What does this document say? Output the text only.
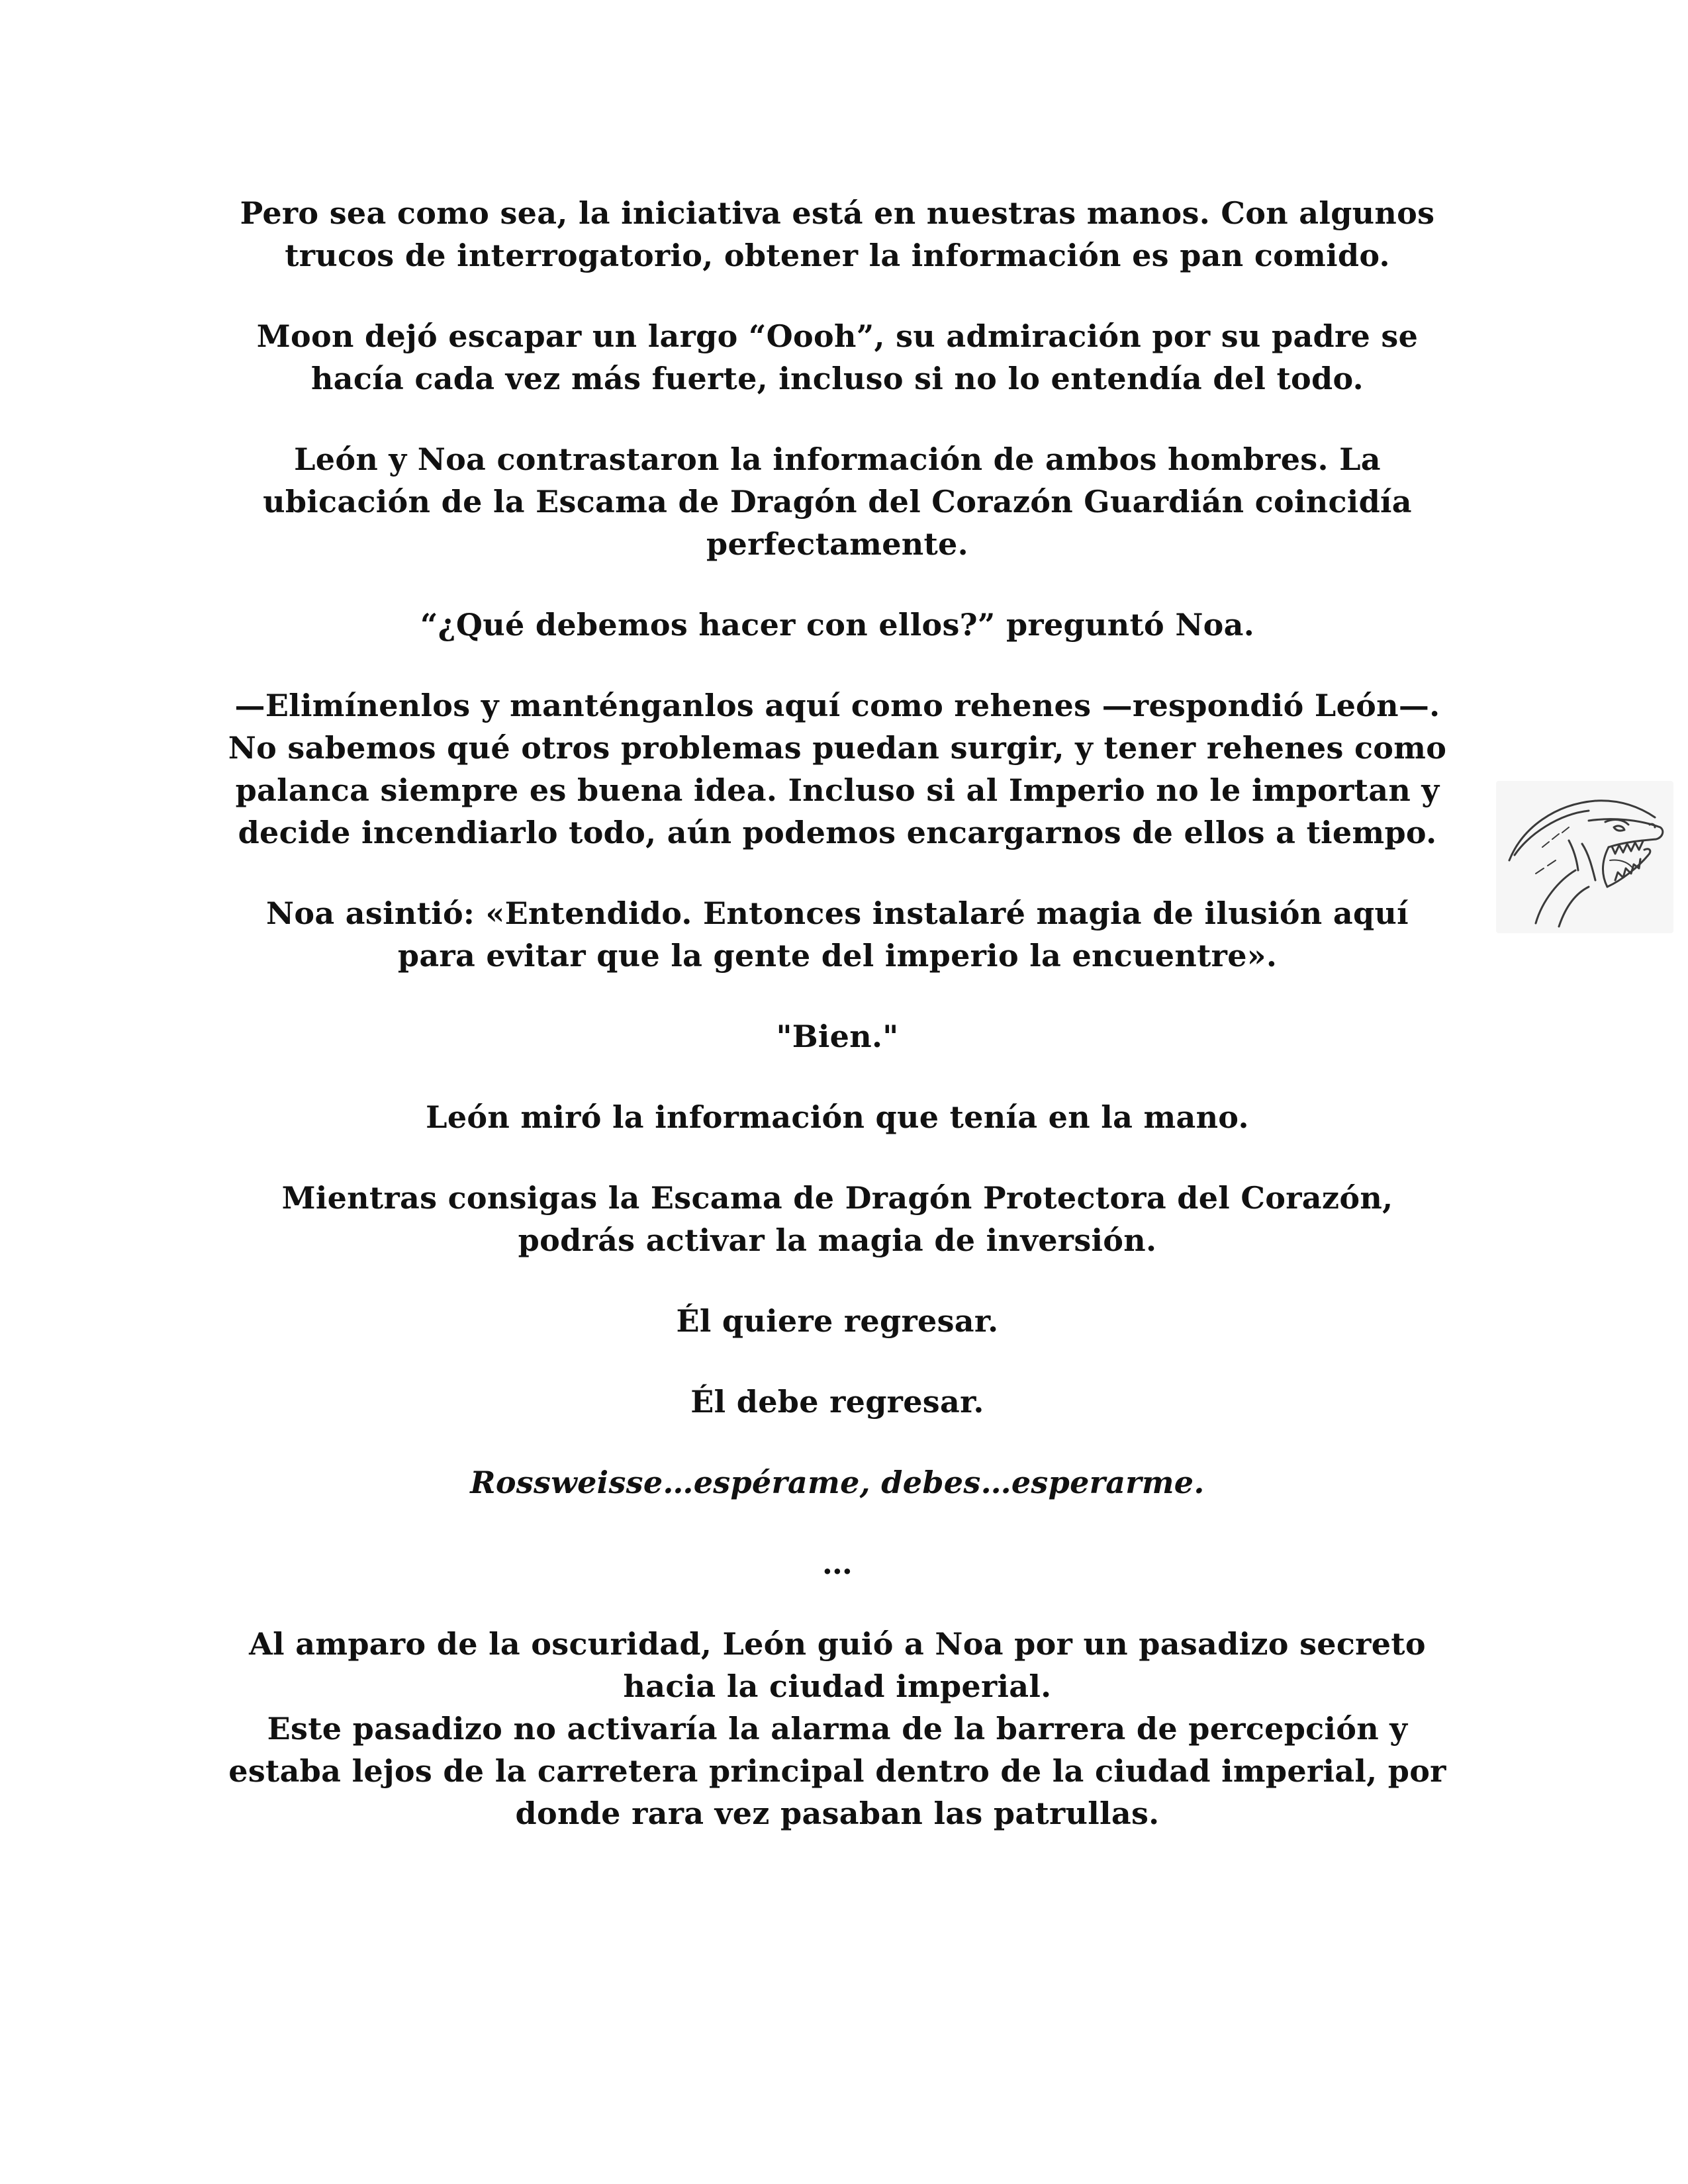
Pero sea como sea, la iniciativa está en nuestras manos. Con algunos trucos de interrogatorio, obtener la información es pan comido.

Moon dejó escapar un largo “Oooh”, su admiración por su padre se hacía cada vez más fuerte, incluso si no lo entendía del todo.

León y Noa contrastaron la información de ambos hombres. La ubicación de la Escama de Dragón del Corazón Guardián coincidía perfectamente.

“¿Qué debemos hacer con ellos?” preguntó Noa.

—Elimínenlos y manténganlos aquí como rehenes —respondió León—. No sabemos qué otros problemas puedan surgir, y tener rehenes como palanca siempre es buena idea. Incluso si al Imperio no le importan y decide incendiarlo todo, aún podemos encargarnos de ellos a tiempo.

Noa asintió: «Entendido. Entonces instalaré magia de ilusión aquí para evitar que la gente del imperio la encuentre».

"Bien."

León miró la información que tenía en la mano.

Mientras consigas la Escama de Dragón Protectora del Corazón, podrás activar la magia de inversión.

Él quiere regresar.

Él debe regresar.

Rossweisse…espérame, debes…esperarme.

…

Al amparo de la oscuridad, León guió a Noa por un pasadizo secreto hacia la ciudad imperial.

Este pasadizo no activaría la alarma de la barrera de percepción y estaba lejos de la carretera principal dentro de la ciudad imperial, por donde rara vez pasaban las patrullas.
